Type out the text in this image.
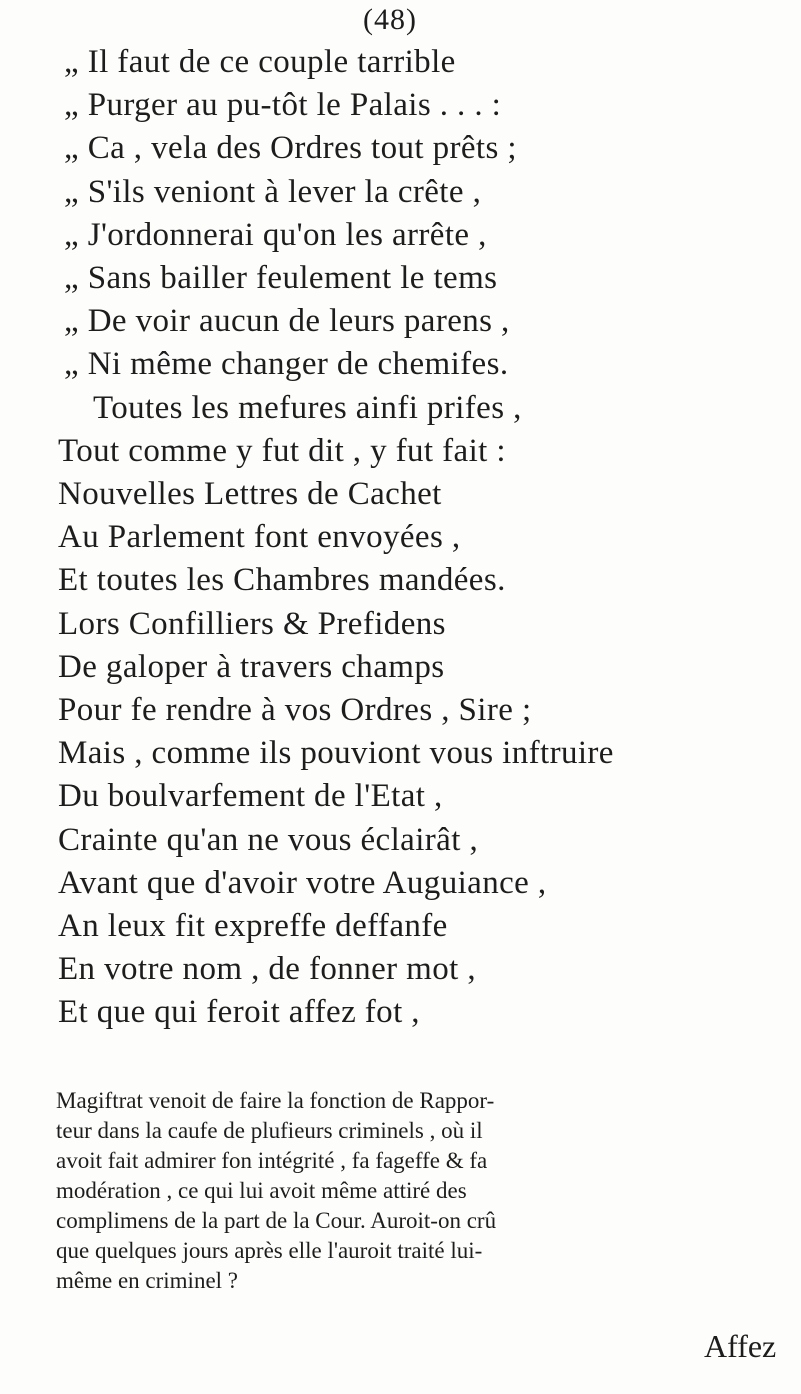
(48)
„ Il faut de ce couple tarrible
„ Purger au pu-tôt le Palais . . . :
„ Ca , vela des Ordres tout prêts ;
„ S'ils veniont à lever la crête ,
„ J'ordonnerai qu'on les arrête ,
„ Sans bailler feulement le tems
„ De voir aucun de leurs parens ,
„ Ni même changer de chemifes.
Toutes les mefures ainfi prifes ,
Tout comme y fut dit , y fut fait :
Nouvelles Lettres de Cachet
Au Parlement font envoyées ,
Et toutes les Chambres mandées.
Lors Confilliers & Prefidens
De galoper à travers champs
Pour fe rendre à vos Ordres , Sire ;
Mais , comme ils pouviont vous inftruire
Du boulvarfement de l'Etat ,
Crainte qu'an ne vous éclairât ,
Avant que d'avoir votre Auguiance ,
An leux fit expreffe deffanfe
En votre nom , de fonner mot ,
Et que qui feroit affez fot ,
Magiftrat venoit de faire la fonction de Rappor-
teur dans la caufe de plufieurs criminels , où il
avoit fait admirer fon intégrité , fa fageffe & fa
modération , ce qui lui avoit même attiré des
complimens de la part de la Cour. Auroit-on crû
que quelques jours après elle l'auroit traité lui-
même en criminel ?
Affez
